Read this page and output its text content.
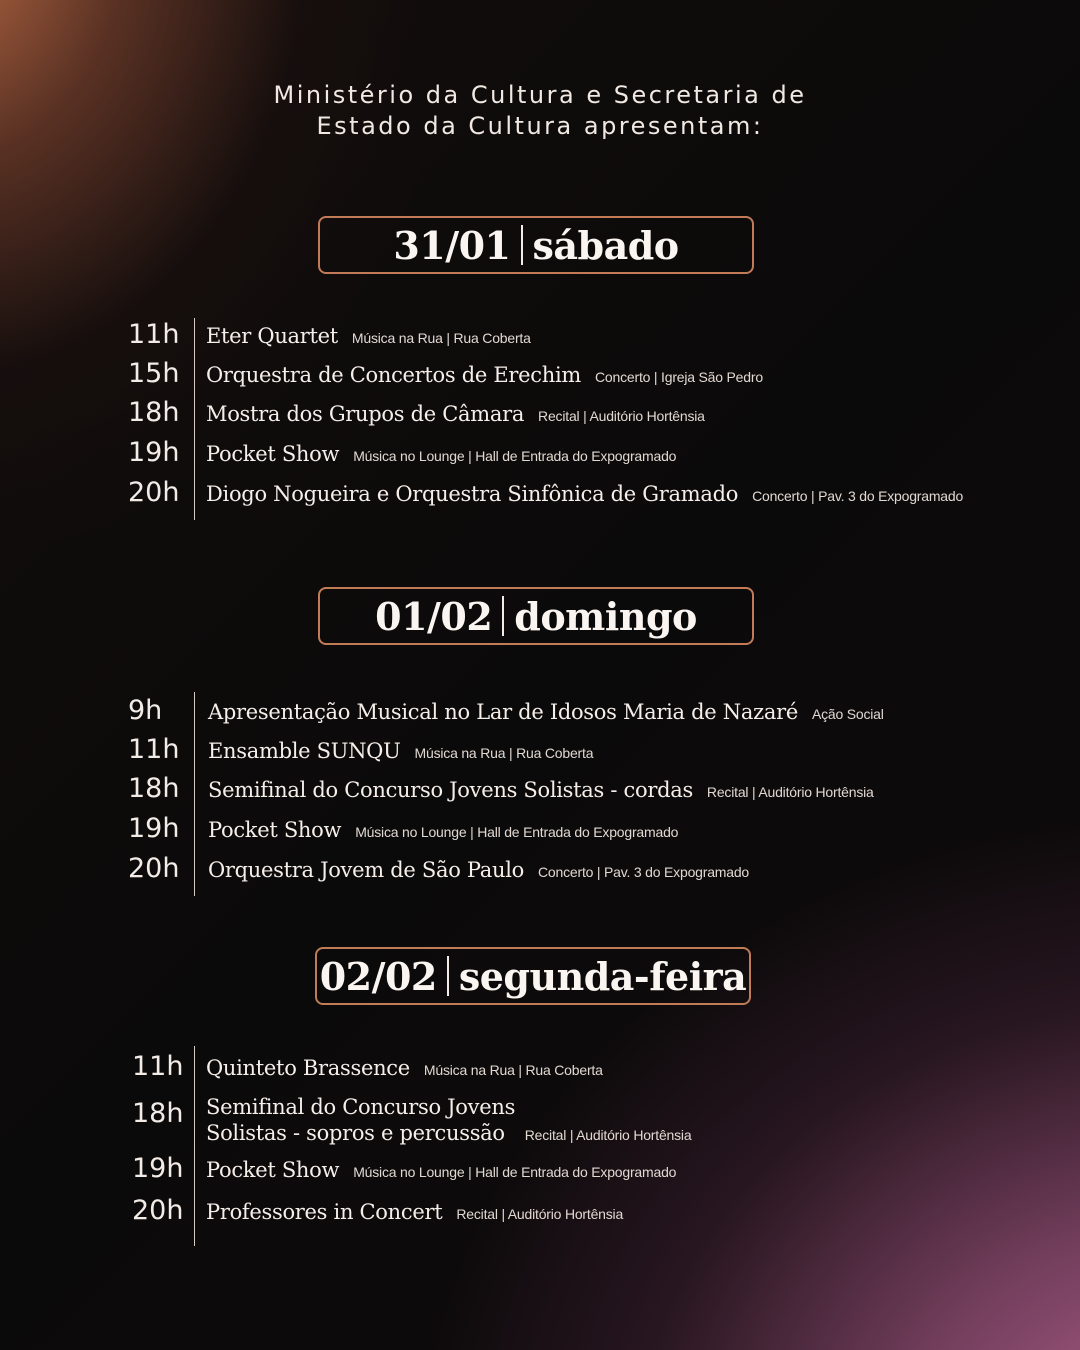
Ministério da Cultura e Secretaria de
Estado da Cultura apresentam:
31/01 sábado
11h Eter Quartet Música na Rua | Rua Coberta
15h Orquestra de Concertos de Erechim Concerto | Igreja São Pedro
18h Mostra dos Grupos de Câmara Recital | Auditório Hortênsia
19h Pocket Show Música no Lounge | Hall de Entrada do Expogramado
20h Diogo Nogueira e Orquestra Sinfônica de Gramado Concerto | Pav. 3 do Expogramado
01/02 domingo
9h Apresentação Musical no Lar de Idosos Maria de Nazaré Ação Social
11h Ensamble SUNQU Música na Rua | Rua Coberta
18h Semifinal do Concurso Jovens Solistas - cordas Recital | Auditório Hortênsia
19h Pocket Show Música no Lounge | Hall de Entrada do Expogramado
20h Orquestra Jovem de São Paulo Concerto | Pav. 3 do Expogramado
02/02 segunda-feira
11h Quinteto Brassence Música na Rua | Rua Coberta
18h Semifinal do Concurso Jovens
Solistas - sopros e percussão Recital | Auditório Hortênsia
19h Pocket Show Música no Lounge | Hall de Entrada do Expogramado
20h Professores in Concert Recital | Auditório Hortênsia
